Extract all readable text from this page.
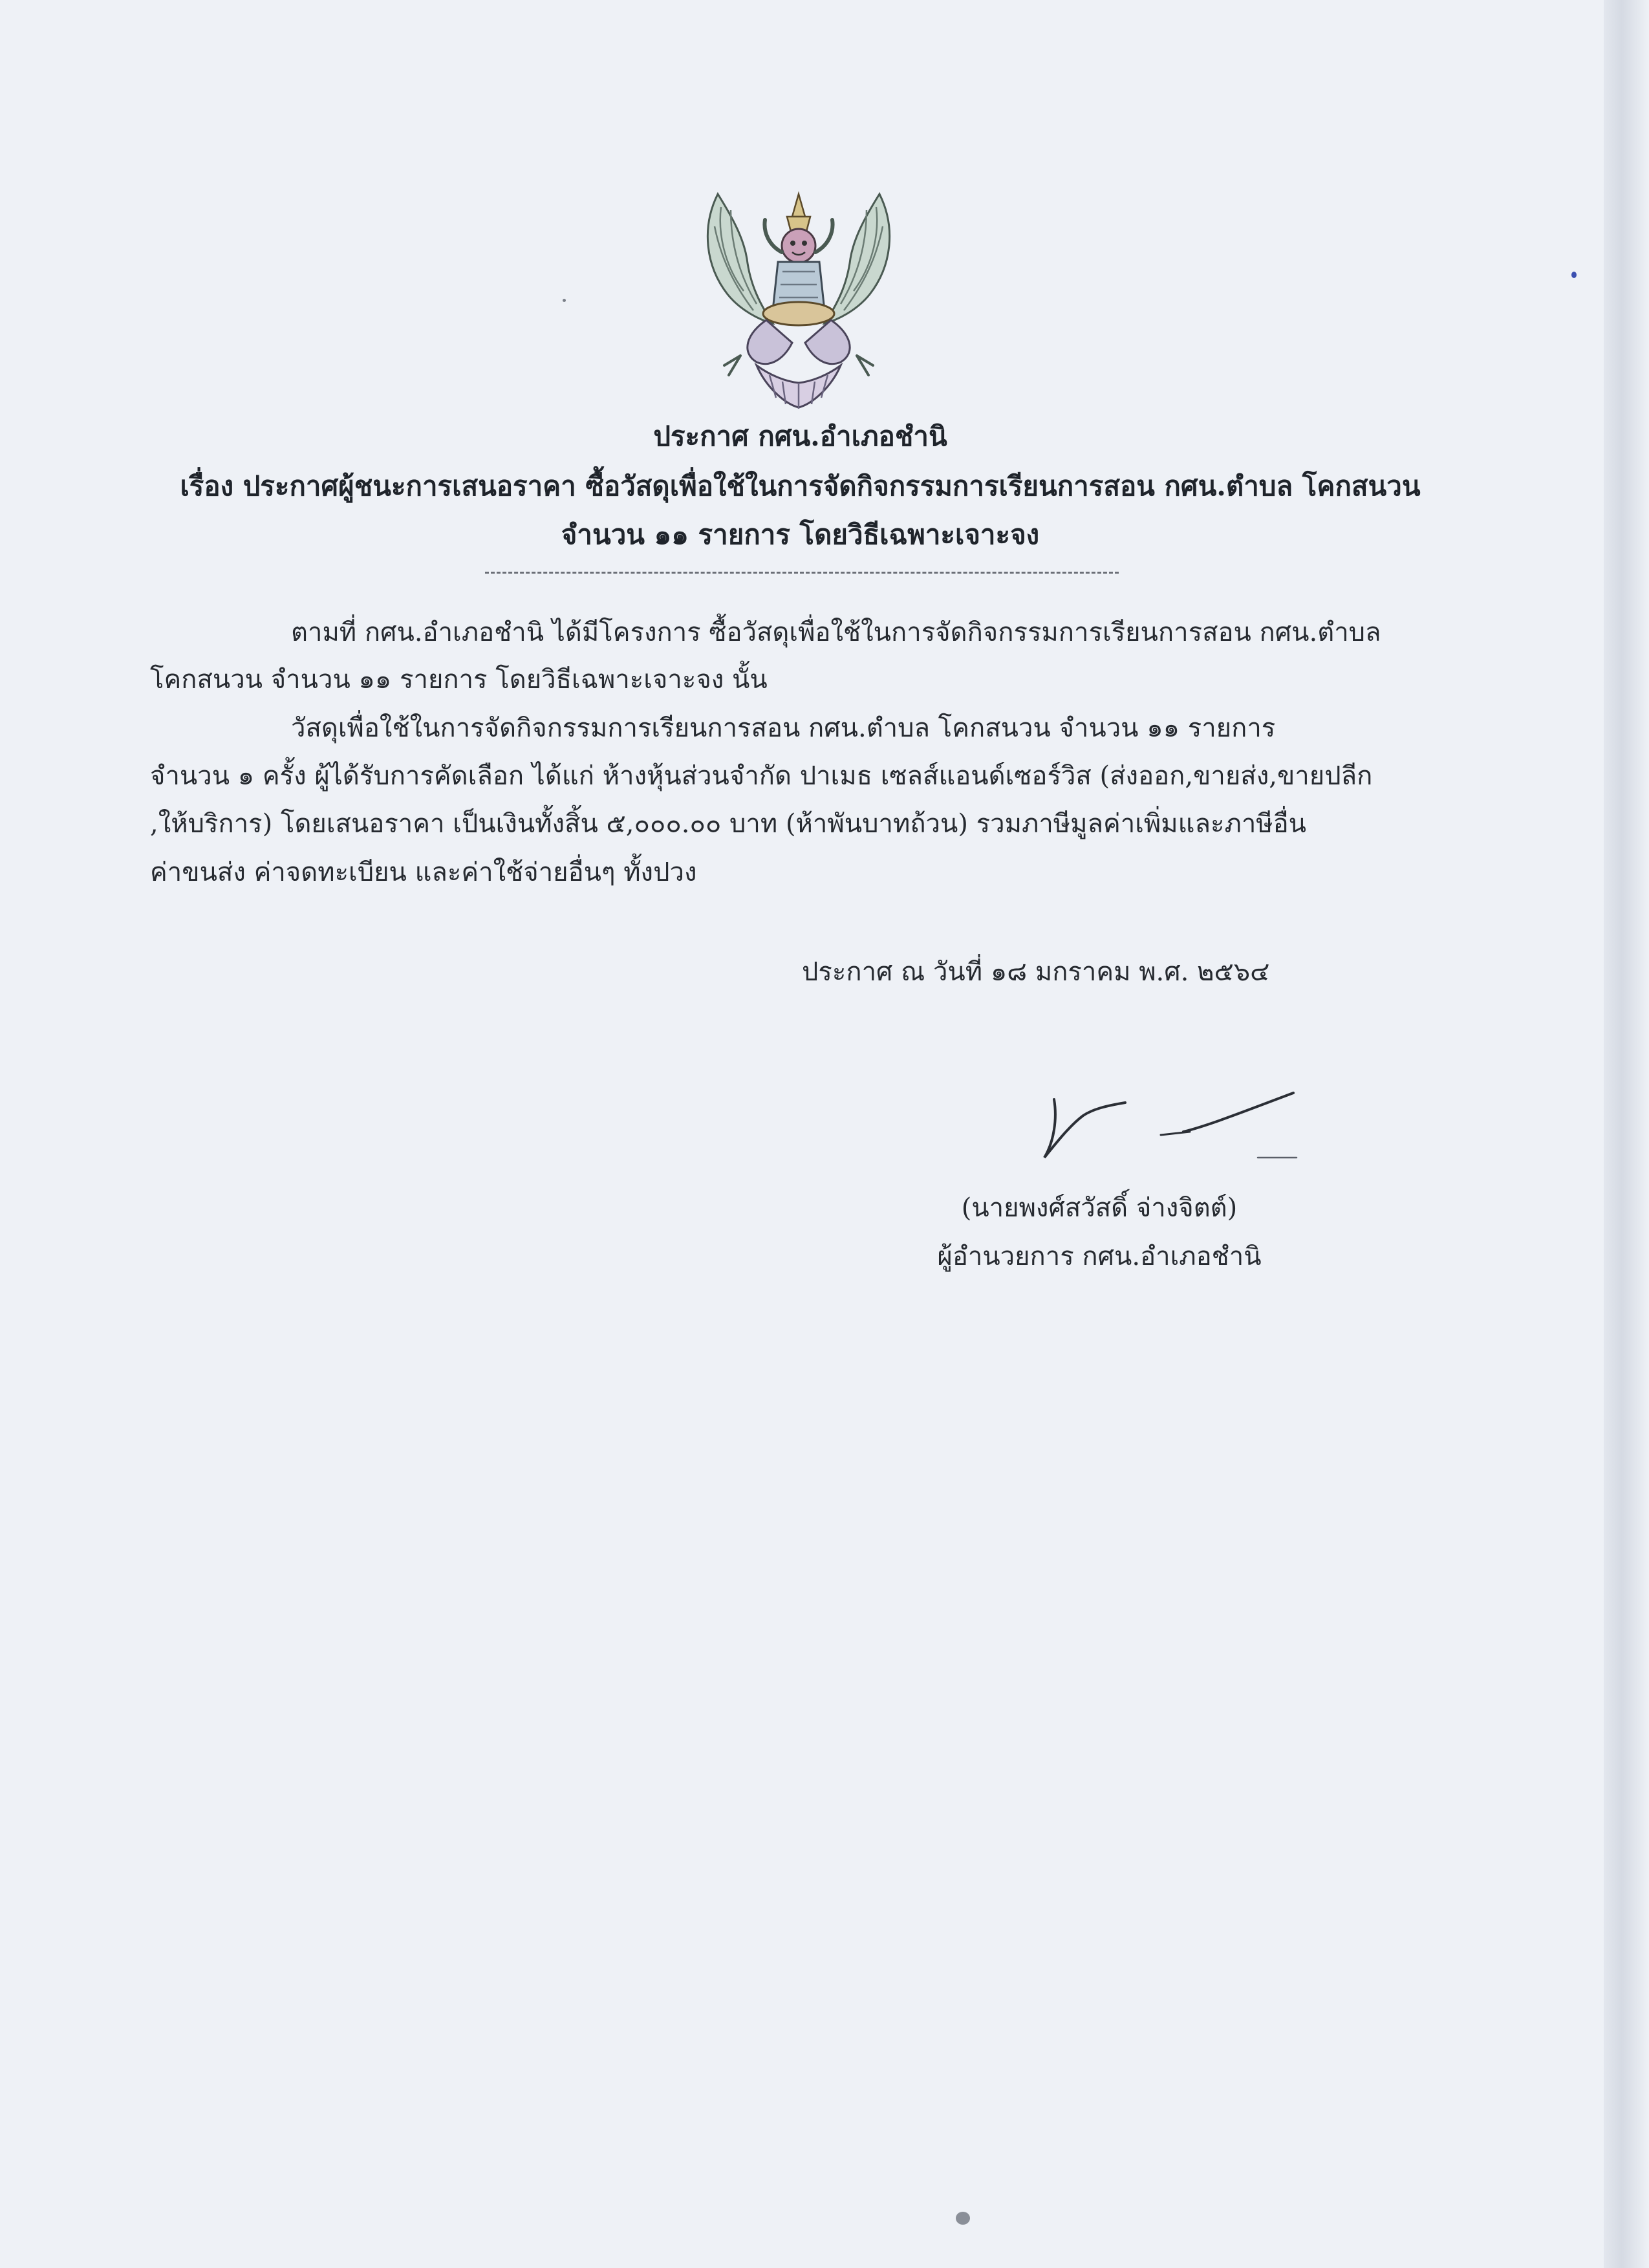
ประกาศ กศน.อำเภอชำนิ
เรื่อง ประกาศผู้ชนะการเสนอราคา ซื้อวัสดุเพื่อใช้ในการจัดกิจกรรมการเรียนการสอน กศน.ตำบล โคกสนวน
จำนวน ๑๑ รายการ โดยวิธีเฉพาะเจาะจง
ตามที่ กศน.อำเภอชำนิ ได้มีโครงการ ซื้อวัสดุเพื่อใช้ในการจัดกิจกรรมการเรียนการสอน กศน.ตำบล
โคกสนวน จำนวน ๑๑ รายการ โดยวิธีเฉพาะเจาะจง นั้น
วัสดุเพื่อใช้ในการจัดกิจกรรมการเรียนการสอน กศน.ตำบล โคกสนวน จำนวน ๑๑ รายการ
จำนวน ๑ ครั้ง ผู้ได้รับการคัดเลือก ได้แก่ ห้างหุ้นส่วนจำกัด ปาเมธ เซลส์แอนด์เซอร์วิส (ส่งออก,ขายส่ง,ขายปลีก
,ให้บริการ) โดยเสนอราคา เป็นเงินทั้งสิ้น ๕,๐๐๐.๐๐ บาท (ห้าพันบาทถ้วน) รวมภาษีมูลค่าเพิ่มและภาษีอื่น
ค่าขนส่ง ค่าจดทะเบียน และค่าใช้จ่ายอื่นๆ ทั้งปวง
ประกาศ ณ วันที่ ๑๘ มกราคม พ.ศ. ๒๕๖๔
(นายพงศ์สวัสดิ์ จ่างจิตต์)
ผู้อำนวยการ กศน.อำเภอชำนิ
